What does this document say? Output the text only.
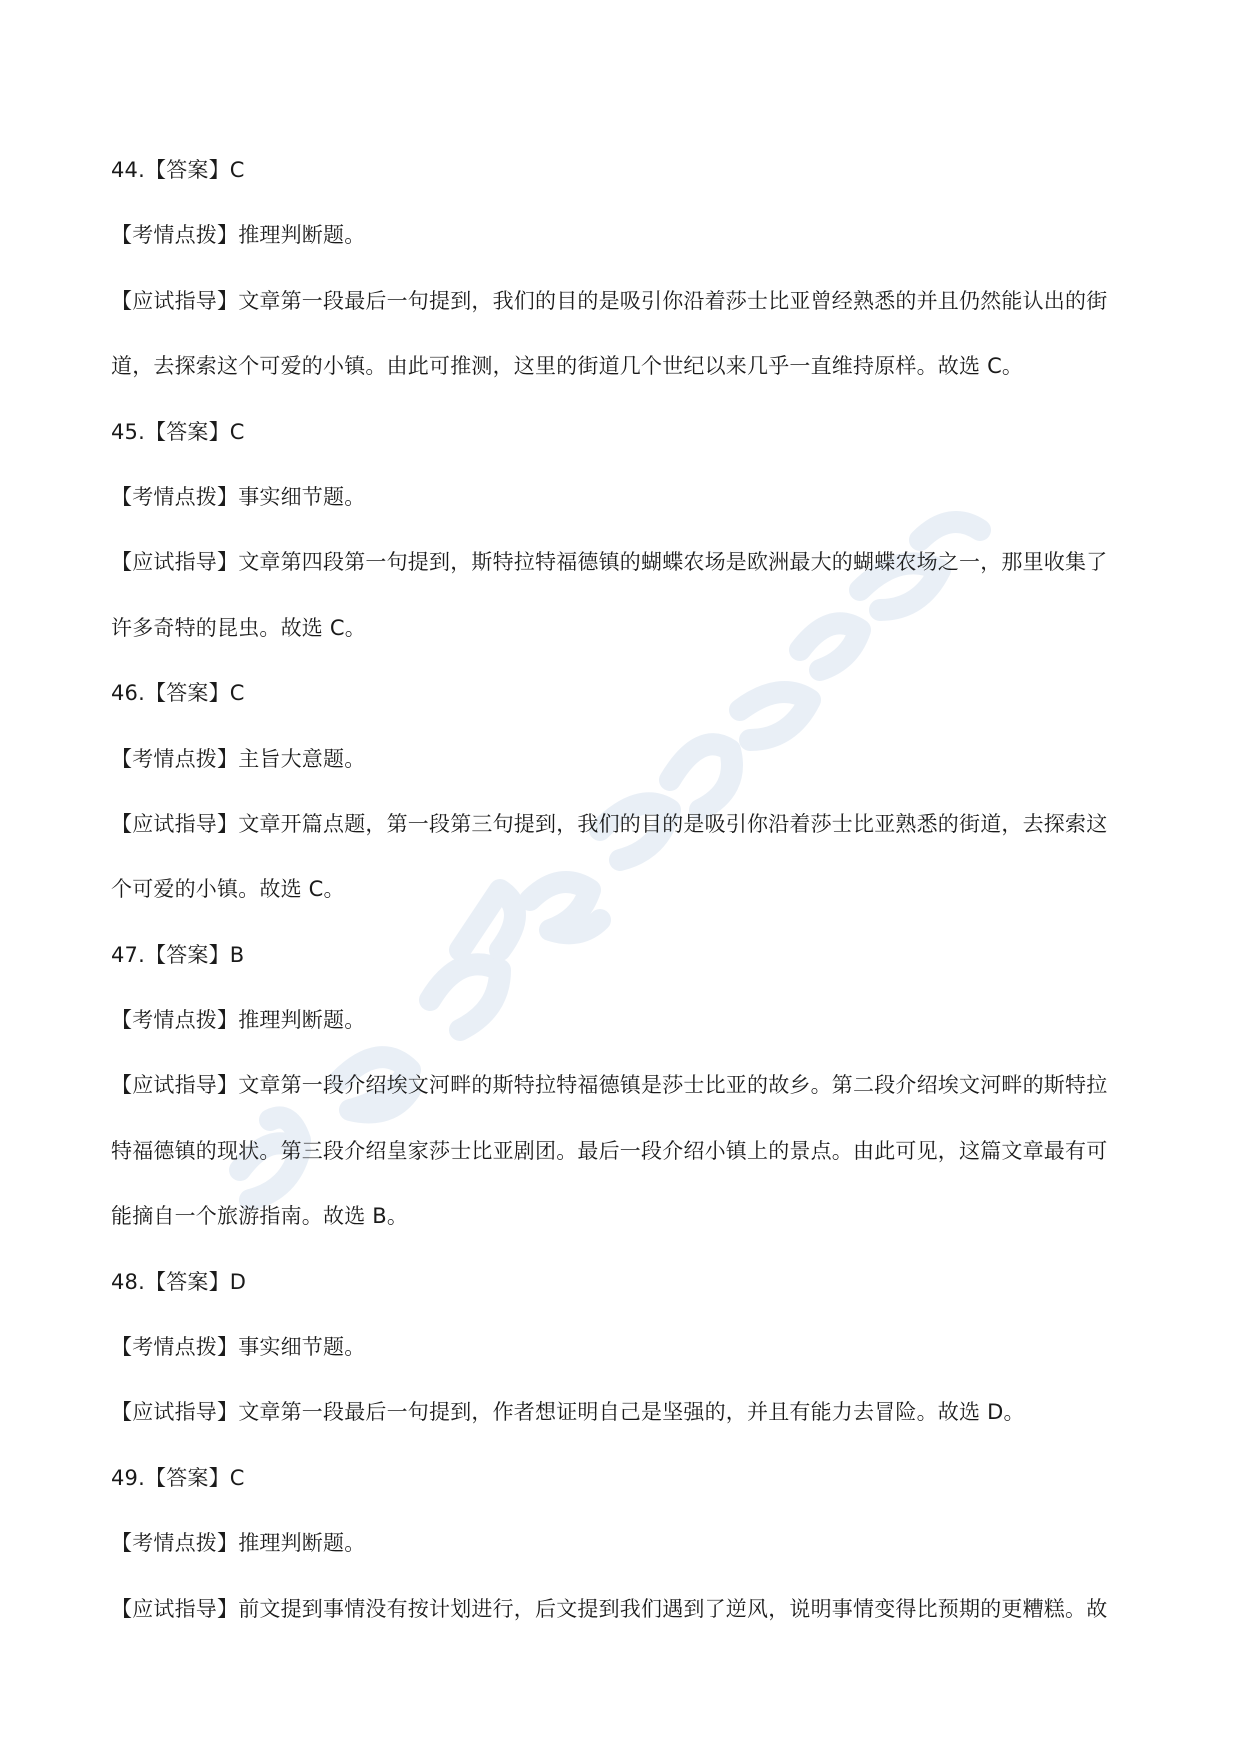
44.【答案】C
【考情点拨】推理判断题。
【应试指导】文章第一段最后一句提到，我们的目的是吸引你沿着莎士比亚曾经熟悉的并且仍然能认出的街
道，去探索这个可爱的小镇。由此可推测，这里的街道几个世纪以来几乎一直维持原样。故选 C。
45.【答案】C
【考情点拨】事实细节题。
【应试指导】文章第四段第一句提到，斯特拉特福德镇的蝴蝶农场是欧洲最大的蝴蝶农场之一，那里收集了
许多奇特的昆虫。故选 C。
46.【答案】C
【考情点拨】主旨大意题。
【应试指导】文章开篇点题，第一段第三句提到，我们的目的是吸引你沿着莎士比亚熟悉的街道，去探索这
个可爱的小镇。故选 C。
47.【答案】B
【考情点拨】推理判断题。
【应试指导】文章第一段介绍埃文河畔的斯特拉特福德镇是莎士比亚的故乡。第二段介绍埃文河畔的斯特拉
特福德镇的现状。第三段介绍皇家莎士比亚剧团。最后一段介绍小镇上的景点。由此可见，这篇文章最有可
能摘自一个旅游指南。故选 B。
48.【答案】D
【考情点拨】事实细节题。
【应试指导】文章第一段最后一句提到，作者想证明自己是坚强的，并且有能力去冒险。故选 D。
49.【答案】C
【考情点拨】推理判断题。
【应试指导】前文提到事情没有按计划进行，后文提到我们遇到了逆风，说明事情变得比预期的更糟糕。故
